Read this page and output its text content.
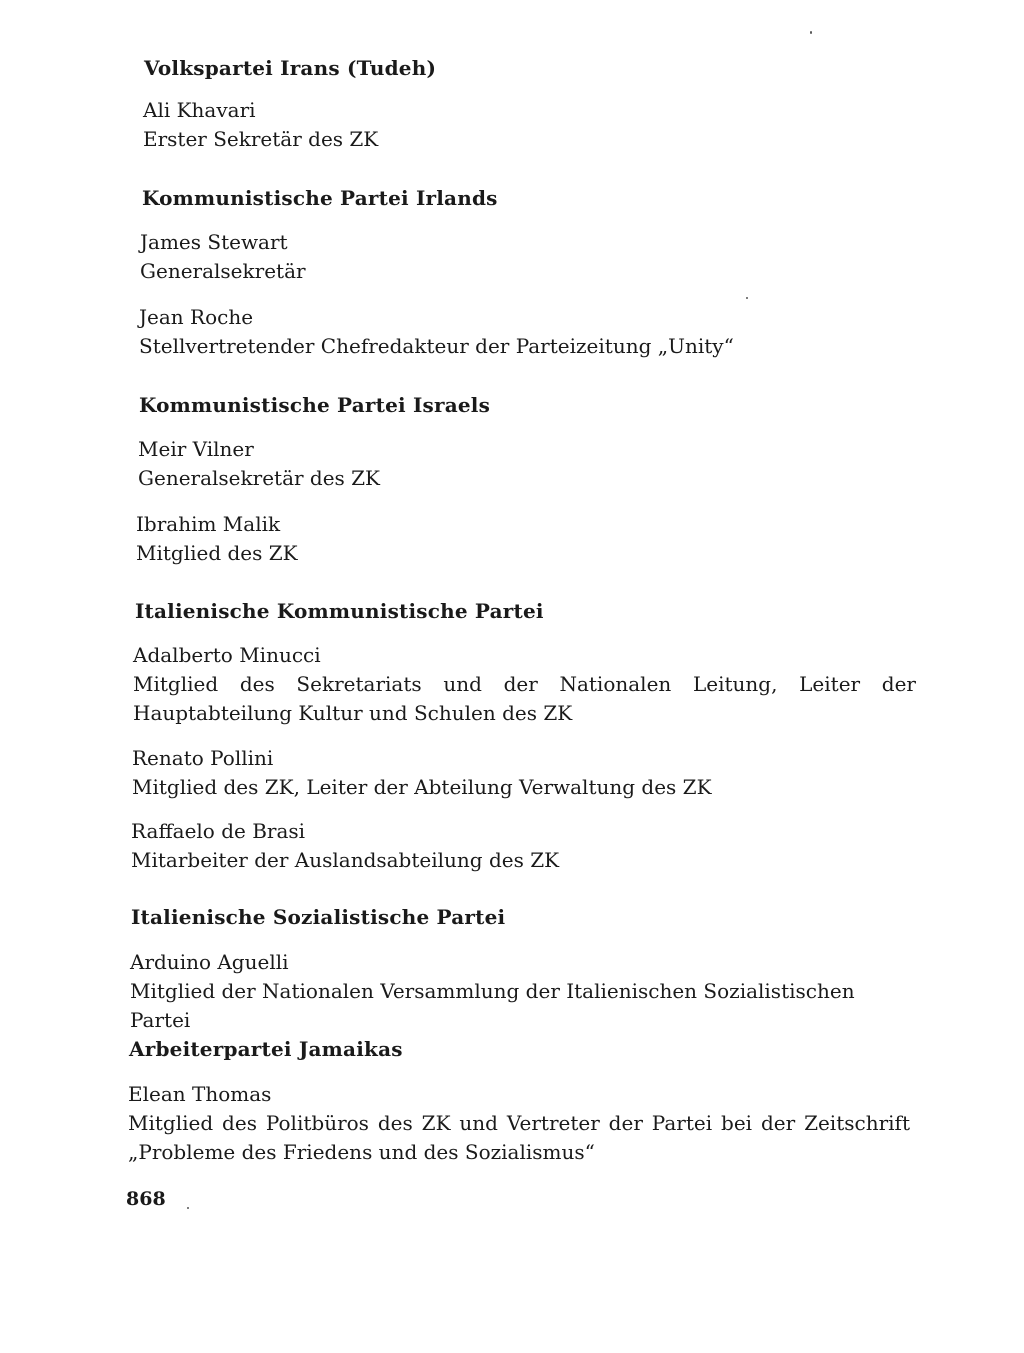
Volkspartei Irans (Tudeh)
Ali Khavari
Erster Sekretär des ZK
Kommunistische Partei Irlands
James Stewart
Generalsekretär
Jean Roche
Stellvertretender Chefredakteur der Parteizeitung „Unity“
Kommunistische Partei Israels
Meir Vilner
Generalsekretär des ZK
Ibrahim Malik
Mitglied des ZK
Italienische Kommunistische Partei
Adalberto Minucci
Mitglied des Sekretariats und der Nationalen Leitung, Leiter der Hauptabteilung Kultur und Schulen des ZK
Renato Pollini
Mitglied des ZK, Leiter der Abteilung Verwaltung des ZK
Raffaelo de Brasi
Mitarbeiter der Auslandsabteilung des ZK
Italienische Sozialistische Partei
Arduino Aguelli
Mitglied der Nationalen Versammlung der Italienischen Sozialistischen Partei
Arbeiterpartei Jamaikas
Elean Thomas
Mitglied des Politbüros des ZK und Vertreter der Partei bei der Zeitschrift „Probleme des Friedens und des Sozialismus“
868
